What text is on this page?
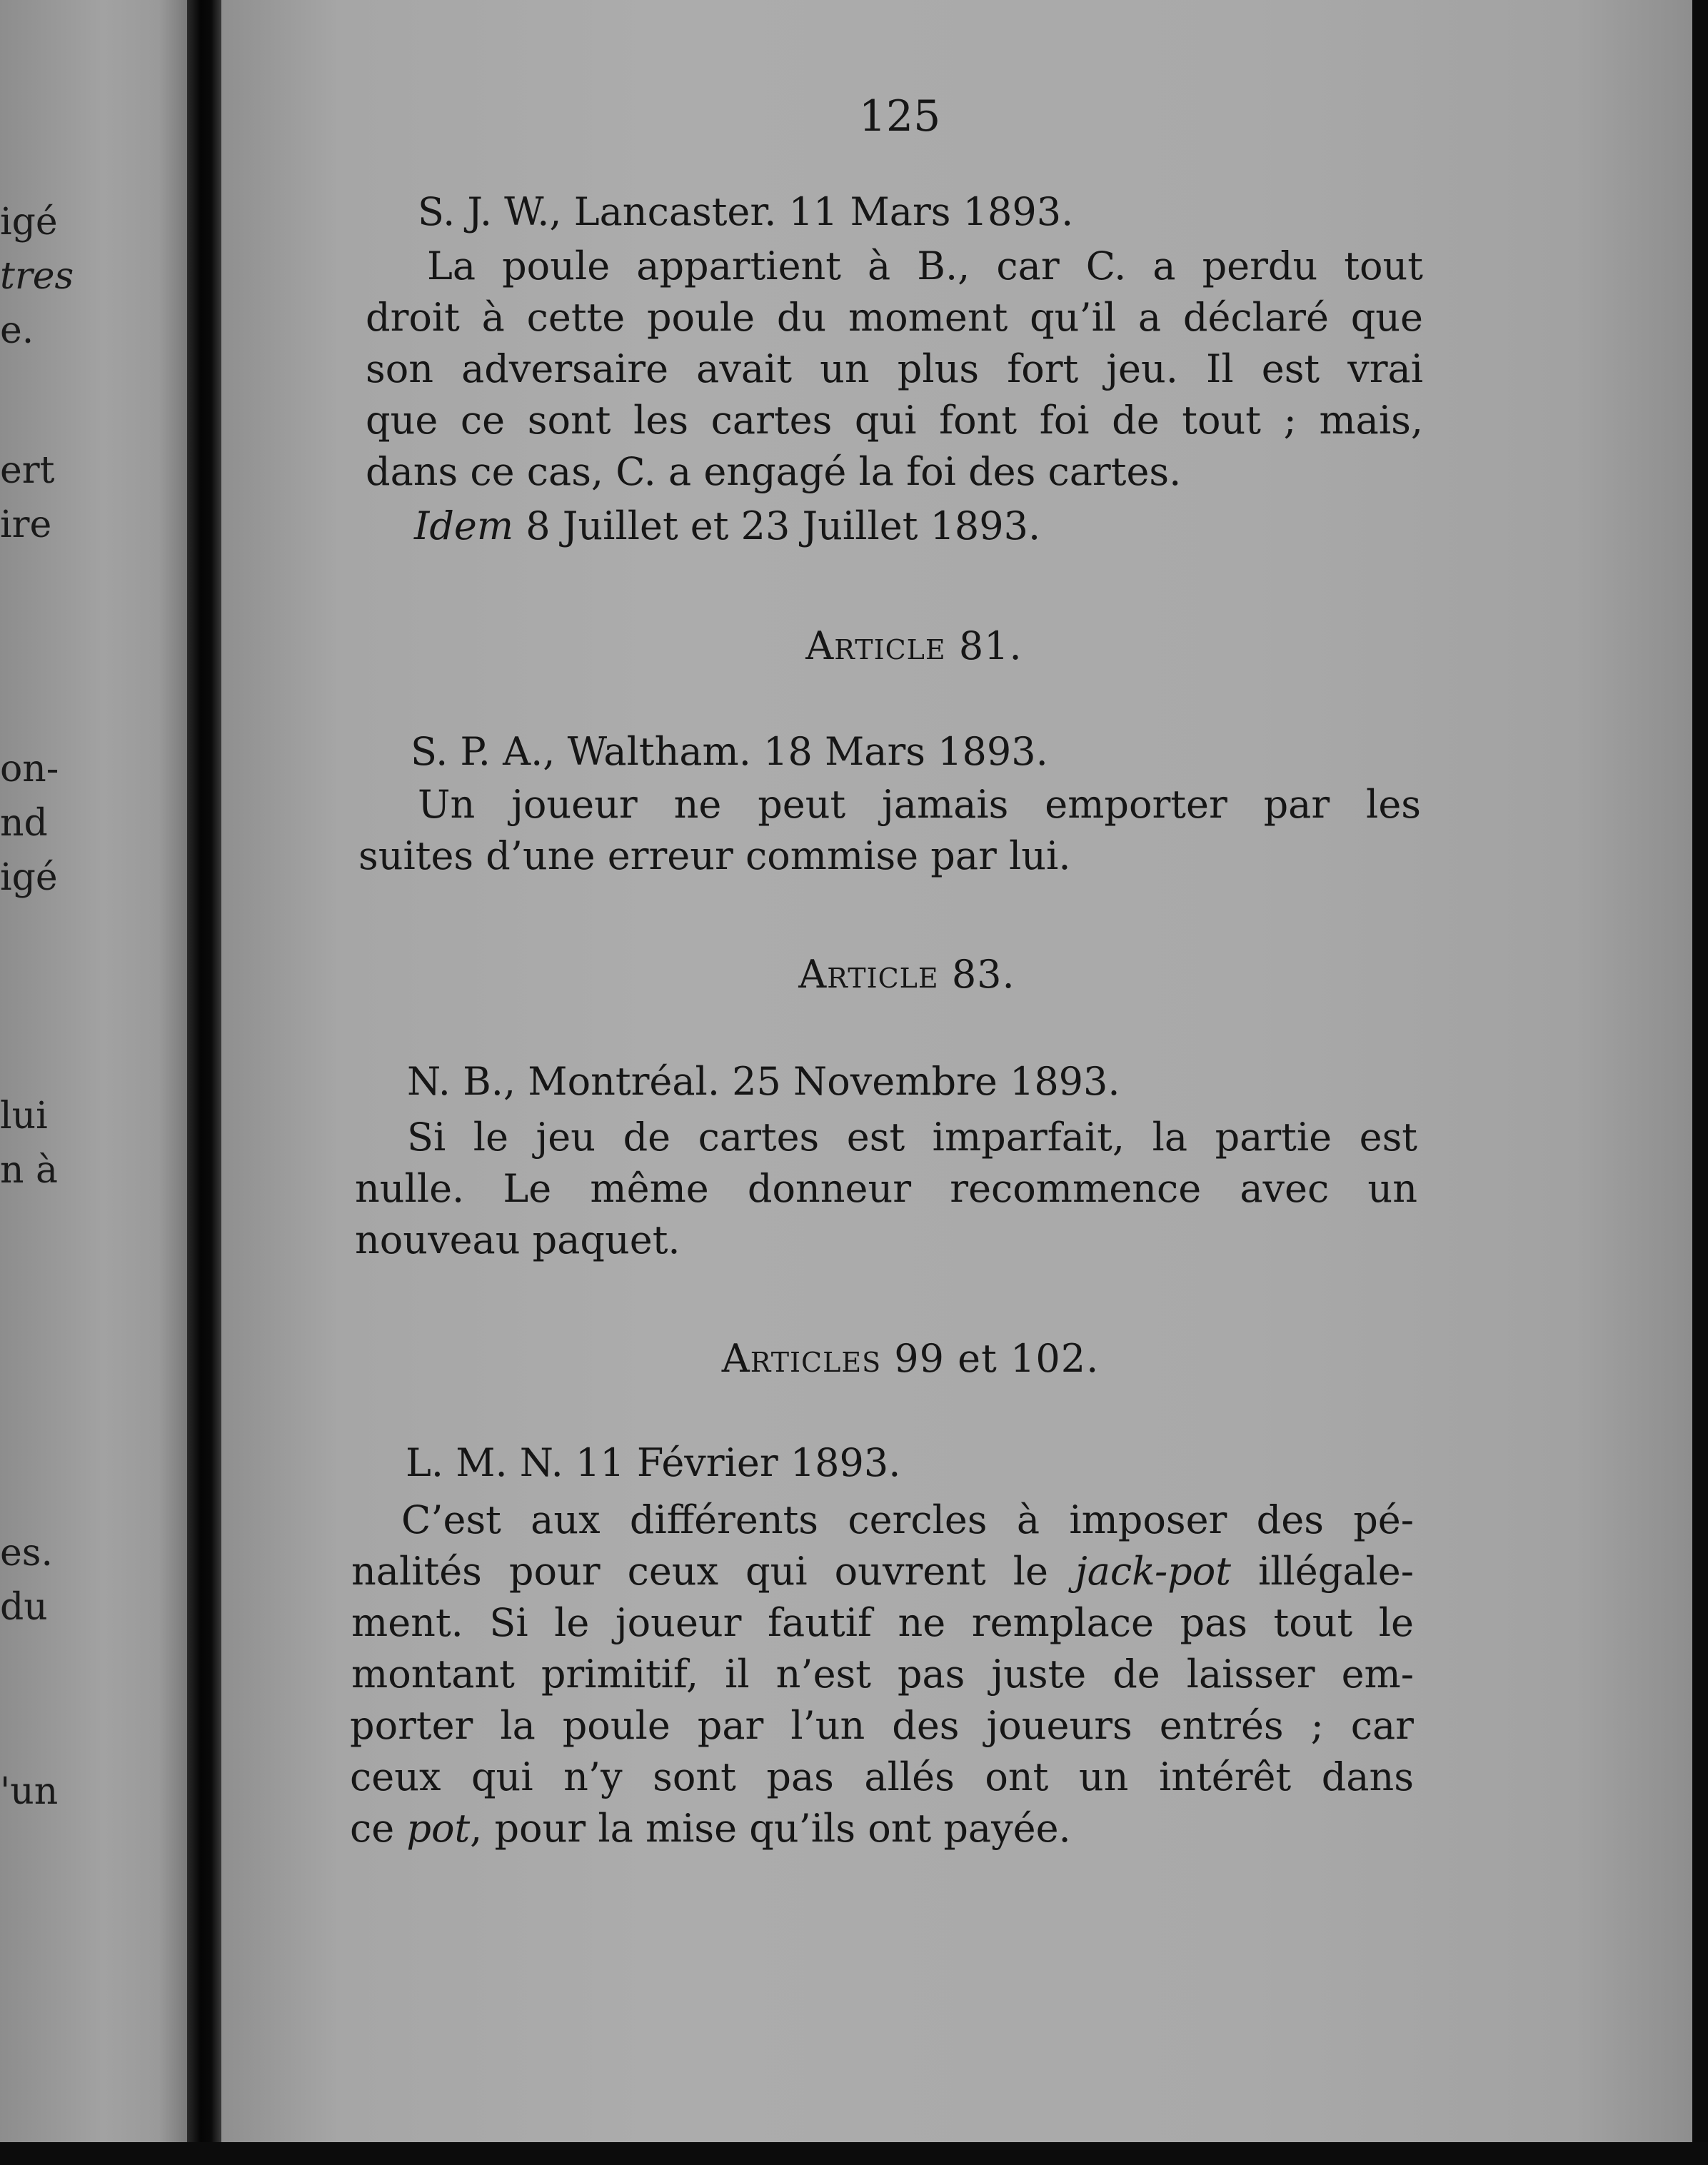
igé
tres
e.
ert
ire
on-
nd
igé
lui
n à
es.
du
'un
125
S. J. W., Lancaster. 11 Mars 1893.
La poule appartient à B., car C. a perdu tout
droit à cette poule du moment qu’il a déclaré que
son adversaire avait un plus fort jeu. Il est vrai
que ce sont les cartes qui font foi de tout ; mais,
dans ce cas, C. a engagé la foi des cartes.
Idem 8 Juillet et 23 Juillet 1893.
Article 81.
S. P. A., Waltham. 18 Mars 1893.
Un joueur ne peut jamais emporter par les
suites d’une erreur commise par lui.
Article 83.
N. B., Montréal. 25 Novembre 1893.
Si le jeu de cartes est imparfait, la partie est
nulle. Le même donneur recommence avec un
nouveau paquet.
Articles 99 et 102.
L. M. N. 11 Février 1893.
C’est aux différents cercles à imposer des pé-
nalités pour ceux qui ouvrent le jack-pot illégale-
ment. Si le joueur fautif ne remplace pas tout le
montant primitif, il n’est pas juste de laisser em-
porter la poule par l’un des joueurs entrés ; car
ceux qui n’y sont pas allés ont un intérêt dans
ce pot, pour la mise qu’ils ont payée.
